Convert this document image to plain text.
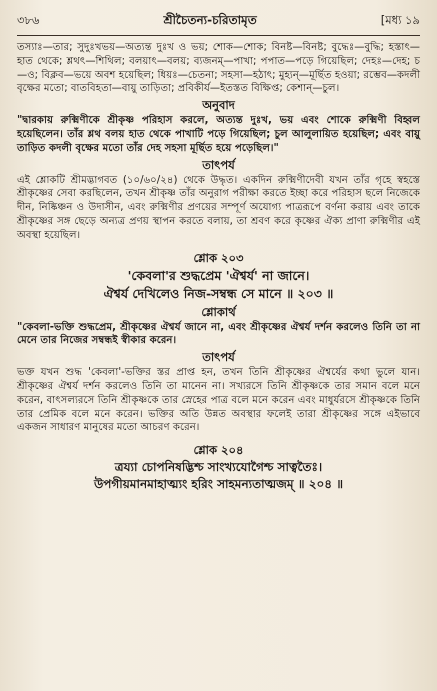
৩৮৬	শ্রীচৈতন্য-চরিতামৃত	[মধ্য ১৯

তস্যাঃ—তার; সুদুঃখভয়—অত্যন্ত দুঃখ ও ভয়; শোক—শোক; বিনষ্ট—বিনষ্ট; বুদ্ধেঃ—বুদ্ধি; হস্তাৎ—হাত থেকে; শ্লথৎ—শিথিল; বলয়াৎ—বলয়; ব্যজনম্—পাখা; পপাত—পড়ে গিয়েছিল; দেহঃ—দেহ; চ—ও; বিক্লব—ভয়ে অবশ হয়েছিল; ধিয়ঃ—চেতনা; সহসা—হঠাৎ; মুহ্যন্—মূর্ছিত হওয়া; রম্ভেব—কদলী বৃক্ষের মতো; বাতবিহতা—বায়ু তাড়িতা; প্রবিকীর্য—ইতস্তত বিক্ষিপ্ত; কেশান্—চুল।

অনুবাদ

"দ্বারকায় রুক্মিণীকে শ্রীকৃষ্ণ পরিহাস করলে, অত্যন্ত দুঃখ, ভয় এবং শোকে রুক্মিণী বিহ্বল হয়েছিলেন। তাঁর শ্লথ বলয় হাত থেকে পাখাটি পড়ে গিয়েছিল; চুল আলুলায়িত হয়েছিল; এবং বায়ু তাড়িত কদলী বৃক্ষের মতো তাঁর দেহ সহসা মূর্ছিত হয়ে পড়েছিল।"

তাৎপর্য

এই শ্লোকটি শ্রীমদ্ভাগবত (১০/৬০/২৪) থেকে উদ্ধৃত। একদিন রুক্মিণীদেবী যখন তাঁর গৃহে স্বহস্তে শ্রীকৃষ্ণের সেবা করছিলেন, তখন শ্রীকৃষ্ণ তাঁর অনুরাগ পরীক্ষা করতে ইচ্ছা করে পরিহাস ছলে নিজেকে দীন, নিষ্কিঞ্চন ও উদাসীন, এবং রুক্মিণীর প্রণয়ের সম্পূর্ণ অযোগ্য পাত্ররূপে বর্ণনা করায় এবং তাকে শ্রীকৃষ্ণের সঙ্গ ছেড়ে অন্যত্র প্রণয় স্থাপন করতে বলায়, তা শ্রবণ করে কৃষ্ণের ঐক্য প্রাণা রুক্মিণীর এই অবস্থা হয়েছিল।

শ্লোক ২০৩

'কেবলা'র শুদ্ধপ্রেম 'ঐশ্বর্য' না জানে।

ঐশ্বর্য দেখিলেও নিজ-সম্বন্ধ সে মানে ॥ ২০৩ ॥

শ্লোকার্থ

"কেবলা-ভক্তি শুদ্ধপ্রেম, শ্রীকৃষ্ণের ঐশ্বর্য জানে না, এবং শ্রীকৃষ্ণের ঐশ্বর্য দর্শন করলেও তিনি তা না মেনে তার নিজের সম্বন্ধই স্বীকার করেন।

তাৎপর্য

ভক্ত যখন শুদ্ধ 'কেবলা'-ভক্তির স্তর প্রাপ্ত হন, তখন তিনি শ্রীকৃষ্ণের ঐশ্বর্যের কথা ভুলে যান। শ্রীকৃষ্ণের ঐশ্বর্য দর্শন করলেও তিনি তা মানেন না। সখ্যরসে তিনি শ্রীকৃষ্ণকে তার সমান বলে মনে করেন, বাৎসল্যরসে তিনি শ্রীকৃষ্ণকে তার স্নেহের পাত্র বলে মনে করেন এবং মাধুর্যরসে শ্রীকৃষ্ণকে তিনি তার প্রেমিক বলে মনে করেন। ভক্তির অতি উন্নত অবস্থার ফলেই তারা শ্রীকৃষ্ণের সঙ্গে এইভাবে একজন সাধারণ মানুষের মতো আচরণ করেন।

শ্লোক ২০৪

ত্রয্যা চোপনিষদ্ভিশ্চ সাংখ্যযোগৈশ্চ সাত্বতৈঃ।

উপগীয়মানমাহাত্ম্যং হরিং সাহমন্যতাত্মজম্ ॥ ২০৪ ॥
